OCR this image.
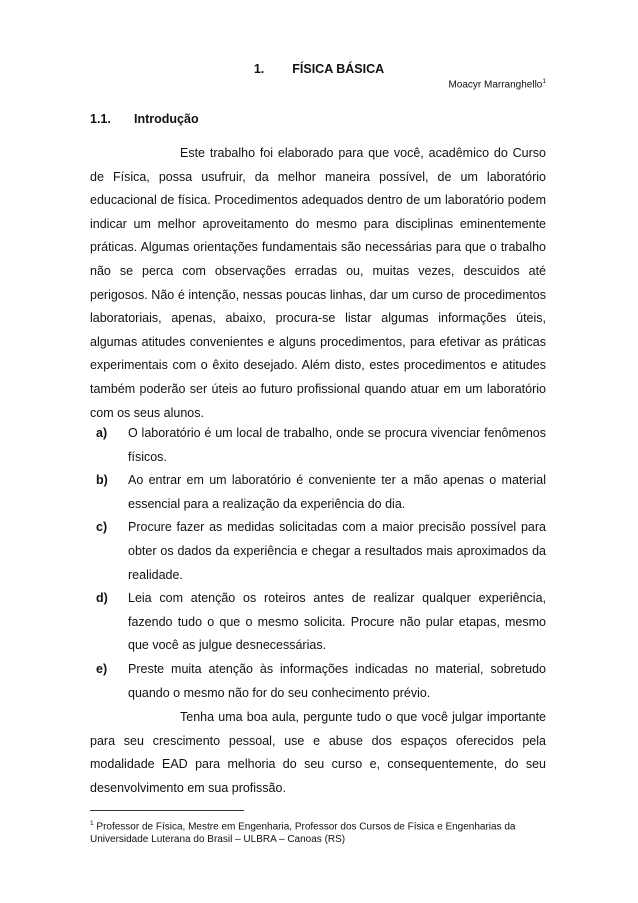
1. FÍSICA BÁSICA
Moacyr Marranghello$^1$
1.1. Introdução

Este trabalho foi elaborado para que você, acadêmico do Curso de Física, possa usufruir, da melhor maneira possível, de um laboratório educacional de física. Procedimentos adequados dentro de um laboratório podem indicar um melhor aproveitamento do mesmo para disciplinas eminentemente práticas. Algumas orientações fundamentais são necessárias para que o trabalho não se perca com observações erradas ou, muitas vezes, descuidos até perigosos. Não é intenção, nessas poucas linhas, dar um curso de procedimentos laboratoriais, apenas, abaixo, procura-se listar algumas informações úteis, algumas atitudes convenientes e alguns procedimentos, para efetivar as práticas experimentais com o êxito desejado. Além disto, estes procedimentos e atitudes também poderão ser úteis ao futuro profissional quando atuar em um laboratório com os seus alunos.

a) O laboratório é um local de trabalho, onde se procura vivenciar fenômenos físicos.
b) Ao entrar em um laboratório é conveniente ter a mão apenas o material essencial para a realização da experiência do dia.
c) Procure fazer as medidas solicitadas com a maior precisão possível para obter os dados da experiência e chegar a resultados mais aproximados da realidade.
d) Leia com atenção os roteiros antes de realizar qualquer experiência, fazendo tudo o que o mesmo solicita. Procure não pular etapas, mesmo que você as julgue desnecessárias.
e) Preste muita atenção às informações indicadas no material, sobretudo quando o mesmo não for do seu conhecimento prévio.

Tenha uma boa aula, pergunte tudo o que você julgar importante para seu crescimento pessoal, use e abuse dos espaços oferecidos pela modalidade EAD para melhoria do seu curso e, consequentemente, do seu desenvolvimento em sua profissão.

$^1$ Professor de Física, Mestre em Engenharia, Professor dos Cursos de Física e Engenharias da Universidade Luterana do Brasil – ULBRA – Canoas (RS)
